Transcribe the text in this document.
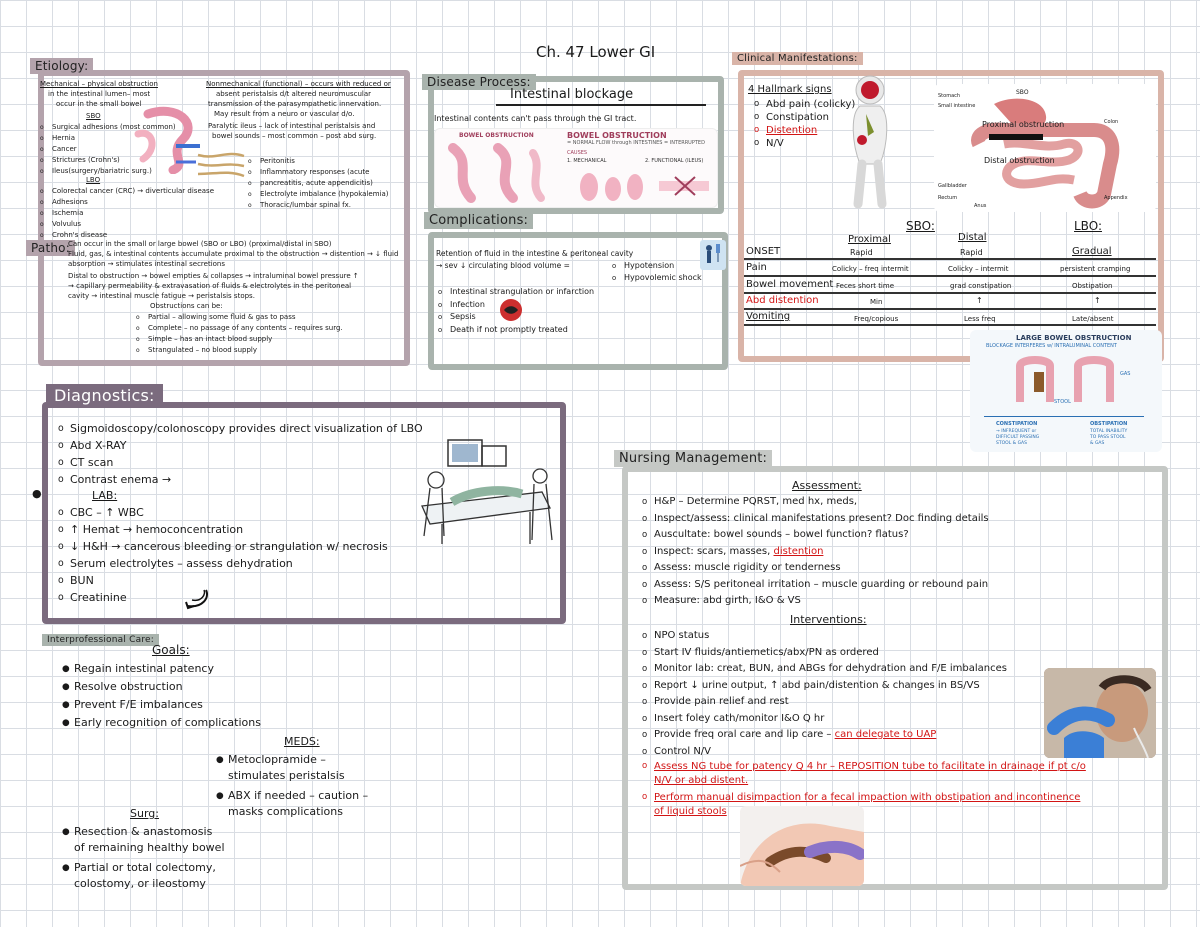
Ch. 47 Lower GI
Etiology:
Mechanical – physical obstruction
in the intestinal lumen– most
occur in the small bowel
SBO
o Surgical adhesions (most common)
o Hernia
o Cancer
o Strictures (Crohn's)
o Ileus(surgery/bariatric surg.)
LBO
o Colorectal cancer (CRC) → diverticular disease
o Adhesions
o Ischemia
o Volvulus
o Crohn's disease
Nonmechanical (functional) – occurs with reduced or
absent peristalsis d/t altered neuromuscular
transmission of the parasympathetic innervation.
May result from a neuro or vascular d/o.
Paralytic ileus – lack of intestinal peristalsis and
bowel sounds – most common – post abd surg.
o Peritonitis
o Inflammatory responses (acute
o pancreatitis, acute appendicitis)
o Electrolyte imbalance (hypokalemia)
o Thoracic/lumbar spinal fx.
Patho:
Can occur in the small or large bowel (SBO or LBO) (proximal/distal in SBO)
Fluid, gas, & intestinal contents accumulate proximal to the obstruction → distention → ↓ fluid
absorption → stimulates intestinal secretions
Distal to obstruction → bowel empties & collapses → intraluminal bowel pressure ↑
→ capillary permeability & extravasation of fluids & electrolytes in the peritoneal
cavity → intestinal muscle fatigue → peristalsis stops.
Obstructions can be:
o Partial – allowing some fluid & gas to pass
o Complete – no passage of any contents – requires surg.
o Simple – has an intact blood supply
o Strangulated – no blood supply
Disease Process:
Intestinal blockage
Intestinal contents can't pass through the GI tract.
BOWEL OBSTRUCTION	BOWEL OBSTRUCTION
= NORMAL FLOW through INTESTINES = INTERRUPTED
CAUSES
1. MECHANICAL	2. FUNCTIONAL (ILEUS)
Complications:
Retention of fluid in the intestine & peritoneal cavity
→ sev ↓ circulating blood volume =
o	Hypotension
o Hypovolemic shock
o Intestinal strangulation or infarction
o Infection
o Sepsis
o Death if not promptly treated
Clinical Manifestations:
4 Hallmark signs
o Abd pain (colicky)
o Constipation
o Distention
o N/V
Stomach
Small intestine
Gallbladder
Proximal obstruction	Colon
Appendix
Distal obstruction
Rectum
Anus
SBO
SBO:	LBO:
Proximal	Distal
Gradual
ONSET	Rapid	Rapid
Pain	Colicky – freq intermit	Colicky – intermit	persistent cramping
Bowel movement Feces short time	grad constipation	Obstipation
Abd distention	Min	↑	↑
Vomiting	Freq/copious	Less freq	Late/absent
LARGE BOWEL OBSTRUCTION
BLOCKAGE INTERFERES w/ INTRALUMINAL CONTENT
GAS
STOOL
CONSTIPATION
→ INFREQUENT or
DIFFICULT PASSING
STOOL & GAS
OBSTIPATION
TOTAL INABILITY
TO PASS STOOL
& GAS
Diagnostics:
o Sigmoidoscopy/colonoscopy provides direct visualization of LBO
o Abd X-RAY
o CT scan
o Contrast enema →
●	LAB:
o CBC – ↑ WBC
o ↑ Hemat → hemoconcentration
o ↓ H&H → cancerous bleeding or strangulation w/ necrosis
o Serum electrolytes – assess dehydration
o BUN
o Creatinine
Interprofessional Care:
Goals:
● Regain intestinal patency
● Resolve obstruction
● Prevent F/E imbalances
● Early recognition of complications
MEDS:
● Metoclopramide –
stimulates peristalsis
● ABX if needed – caution –
masks complications
Surg:
● Resection & anastomosis
of remaining healthy bowel
● Partial or total colectomy,
colostomy, or ileostomy
Nursing Management:
Assessment:
o H&P – Determine PQRST, med hx, meds,
o Inspect/assess: clinical manifestations present? Doc finding details
o Auscultate: bowel sounds – bowel function? flatus?
o Inspect: scars, masses, distention
o Assess: muscle rigidity or tenderness
o Assess: S/S peritoneal irritation – muscle guarding or rebound pain
o Measure: abd girth, I&O & VS
Interventions:
o NPO status
o Start IV fluids/antiemetics/abx/PN as ordered
o Monitor lab: creat, BUN, and ABGs for dehydration and F/E imbalances
o Report ↓ urine output, ↑ abd pain/distention & changes in BS/VS
o Provide pain relief and rest
o Insert foley cath/monitor I&O Q hr
o Provide freq oral care and lip care – can delegate to UAP
o Control N/V
o Assess NG tube for patency Q 4 hr – REPOSITION tube to facilitate in drainage if pt c/o
N/V or abd distent.
o Perform manual disimpaction for a fecal impaction with obstipation and incontinence
of liquid stools
